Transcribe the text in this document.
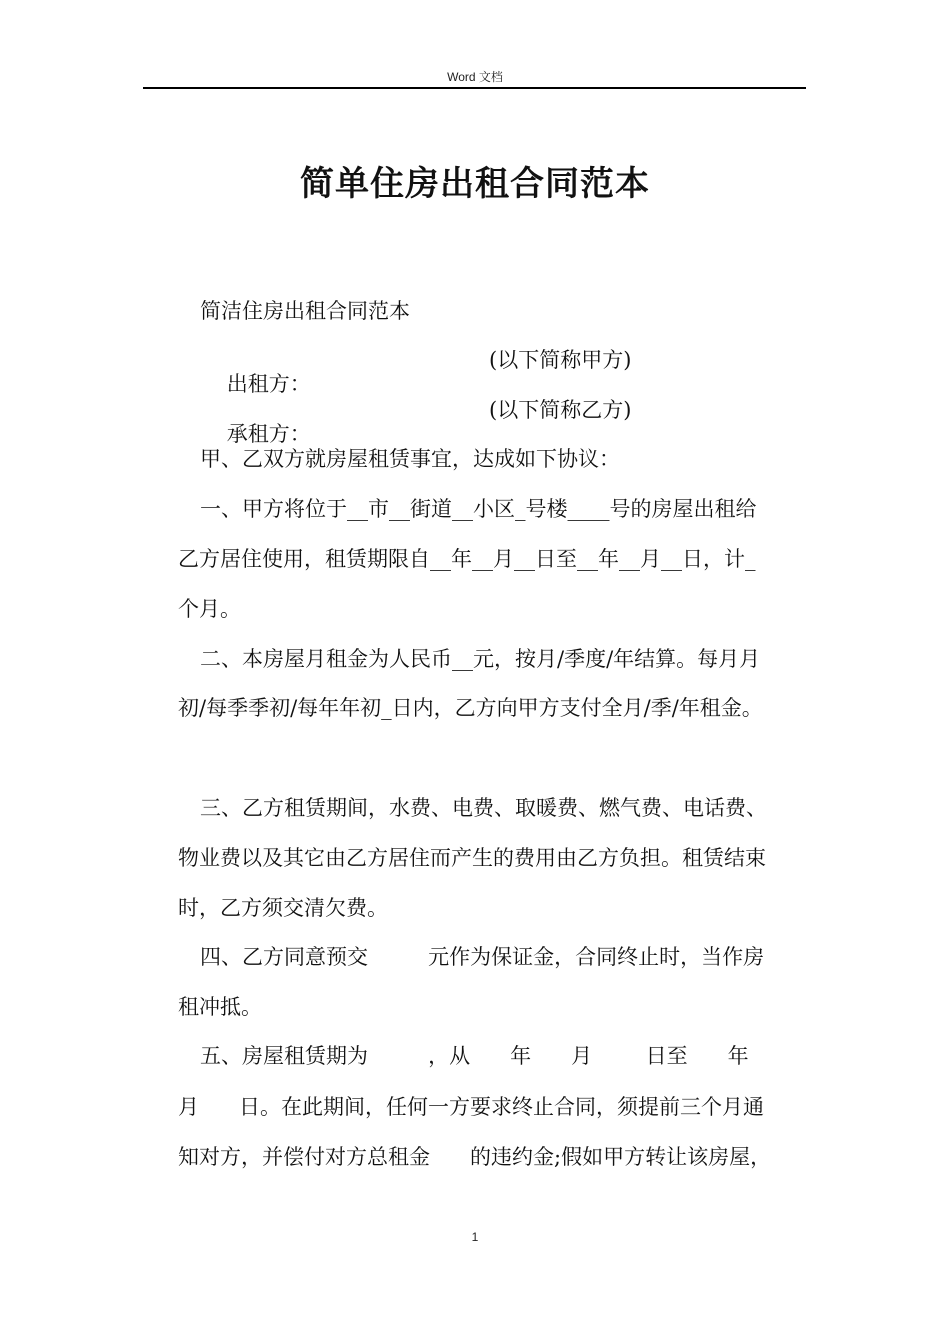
Word 文档
简单住房出租合同范本
简洁住房出租合同范本

出租方：

(以下简称甲方)

承租方：

(以下简称乙方)

甲、乙双方就房屋租赁事宜，达成如下协议：
一、甲方将位于__市__街道__小区_号楼____号的房屋出租给
乙方居住使用，租赁期限自__年__月__日至__年__月__日，计_
个月。
二、本房屋月租金为人民币__元，按月/季度/年结算。每月月
初/每季季初/每年年初_日内，乙方向甲方支付全月/季/年租金。
三、乙方租赁期间，水费、电费、取暖费、燃气费、电话费、
物业费以及其它由乙方居住而产生的费用由乙方负担。租赁结束
时，乙方须交清欠费。
四、乙方同意预交         元作为保证金，合同终止时，当作房
租冲抵。
五、房屋租赁期为         ，从      年      月        日至      年
月      日。在此期间，任何一方要求终止合同，须提前三个月通
知对方，并偿付对方总租金      的违约金;假如甲方转让该房屋，
1
